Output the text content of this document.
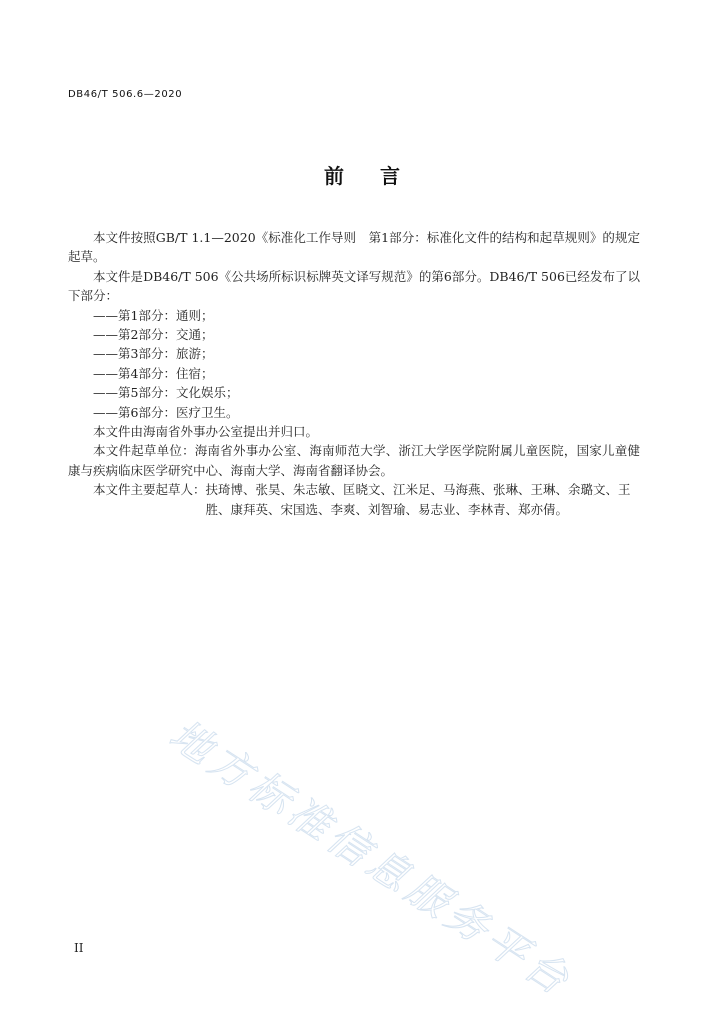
DB46/T 506.6—2020
前言

本文件按照GB/T 1.1—2020《标准化工作导则　第1部分：标准化文件的结构和起草规则》的规定起草。

本文件是DB46/T 506《公共场所标识标牌英文译写规范》的第6部分。DB46/T 506已经发布了以下部分：

——第1部分：通则；

——第2部分：交通；

——第3部分：旅游；

——第4部分：住宿；

——第5部分：文化娱乐；

——第6部分：医疗卫生。

本文件由海南省外事办公室提出并归口。

本文件起草单位：海南省外事办公室、海南师范大学、浙江大学医学院附属儿童医院，国家儿童健康与疾病临床医学研究中心、海南大学、海南省翻译协会。

本文件主要起草人： 扶琦博、张昊、朱志敏、匡晓文、江米足、马海燕、张琳、王琳、余璐文、王胜、康拜英、宋国选、李爽、刘智瑜、易志业、李林青、郑亦倩。
地方标准信息服务平台
II
